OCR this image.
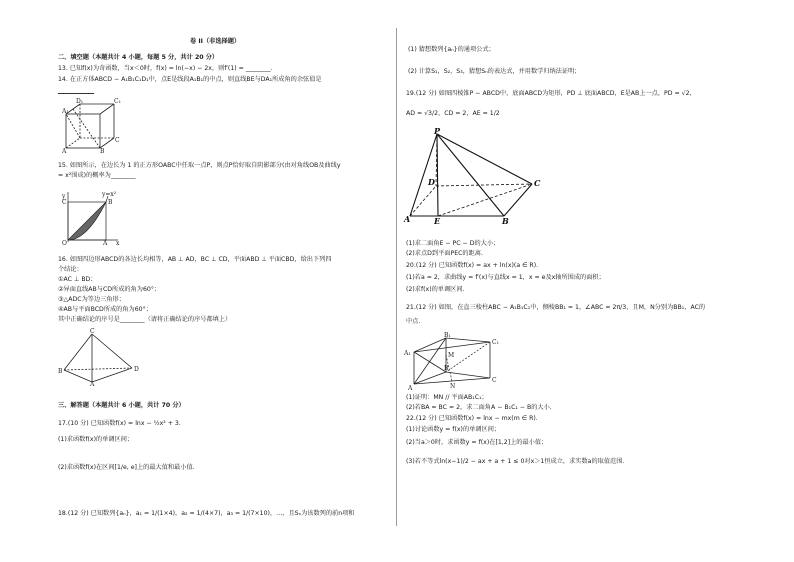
卷 II（非选择题）
二、填空题（本题共计 4 小题，每题 5 分，共计 20 分）
13. 已知f(x)为奇函数，当x＜0时，f(x) = ln(−x) − 2x，则f′(1) = ________.
14. 在正方体ABCD − A₁B₁C₁D₁中，点E是线段A₁B₁的中点，则直线BE与DA₁所成角的余弦值是
A₁
D₁	C₁
A	B
C
15. 如图所示，在边长为 1 的正方形OABC中任取一点P，则点P恰好取自阴影部分(由对角线OB及曲线y
= x²围成)的概率为________
y
C
y=x²
B
O	A x
16. 如图四边形ABCD的各边长均相等，AB ⊥ AD，BC ⊥ CD，平面ABD ⊥ 平面CBD，给出下列四
个结论：
①AC ⊥ BD；
②异面直线AB与CD所成的角为60°；
③△ADC为等边三角形；
④AB与平面BCD所成的角为60°；
其中正确结论的序号是________（请将正确结论的序号都填上）
C
B	D
A
三、解答题（本题共计 6 小题，共计 70 分）
17.(10 分) 已知函数f(x) = lnx − ½x² + 3.
(1)求函数f(x)的单调区间；
(2)求函数f(x)在区间[1/e, e]上的最大值和最小值.
18.(12 分) 已知数列{aₙ}，a₁ = 1/(1×4)，a₂ = 1/(4×7)，a₃ = 1/(7×10)，…，且Sₙ为该数列的前n项和
(1) 猜想数列{aₙ}的通项公式；
(2) 计算S₁，S₂，S₃，猜想Sₙ的表达式，并用数学归纳法证明；
19.(12 分) 如图四棱锥P − ABCD中，底面ABCD为矩形，PD ⊥ 底面ABCD，E是AB上一点，PD = √2，
AD = √3/2，CD = 2，AE = 1/2
P
D	C
A	E	B
(1)求二面角E − PC − D的大小；
(2)求点D到平面PEC的距离.
20.(12 分) 已知函数f(x) = ax + ln(x)(a ∈ R).
(1)若a = 2，求曲线y = f′(x)与直线x = 1，x = e及x轴所围成的面积；
(2)求f(x)的单调区间.
21.(12 分) 如图，在直三棱柱ABC − A₁B₁C₁中，侧棱BB₁ = 1，∠ABC = 2π/3，且M，N分别为BB₁，AC的
中点.
B₁
C₁
A₁	M
B
N
C
A
(1)证明：MN // 平面AB₁C₁；
(2)若BA = BC = 2，求二面角A − B₁C₁ − B的大小.
22.(12 分) 已知函数f(x) = lnx − mx(m ∈ R).
(1)讨论函数y = f(x)的单调区间；
(2)当a＞0时，求函数y = f(x)在[1,2]上的最小值；
(3)若不等式ln(x−1)/2 − ax + a + 1 ≤ 0对x＞1恒成立，求实数a的取值范围.
